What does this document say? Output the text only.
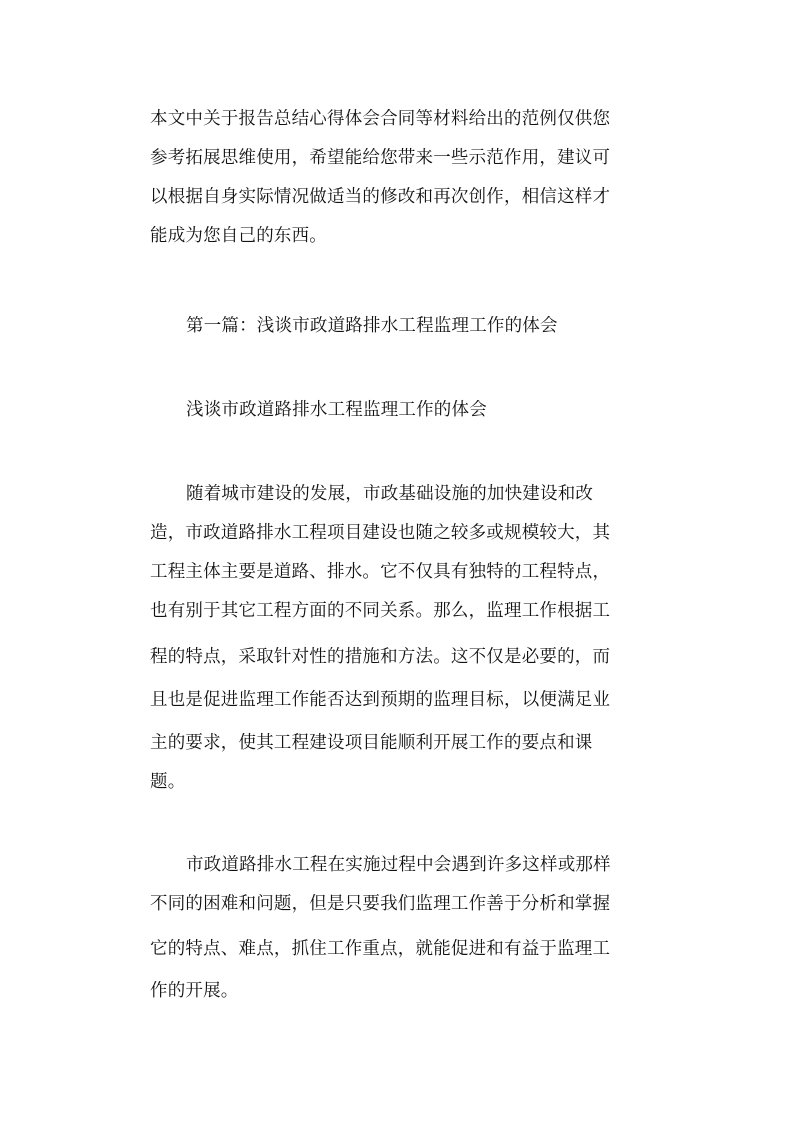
本文中关于报告总结心得体会合同等材料给出的范例仅供您
参考拓展思维使用，希望能给您带来一些示范作用，建议可
以根据自身实际情况做适当的修改和再次创作，相信这样才
能成为您自己的东西。
第一篇：浅谈市政道路排水工程监理工作的体会
浅谈市政道路排水工程监理工作的体会
随着城市建设的发展，市政基础设施的加快建设和改
造，市政道路排水工程项目建设也随之较多或规模较大，其
工程主体主要是道路、排水。它不仅具有独特的工程特点，
也有别于其它工程方面的不同关系。那么，监理工作根据工
程的特点，采取针对性的措施和方法。这不仅是必要的，而
且也是促进监理工作能否达到预期的监理目标，以便满足业
主的要求，使其工程建设项目能顺利开展工作的要点和课
题。
市政道路排水工程在实施过程中会遇到许多这样或那样
不同的困难和问题，但是只要我们监理工作善于分析和掌握
它的特点、难点，抓住工作重点，就能促进和有益于监理工
作的开展。
